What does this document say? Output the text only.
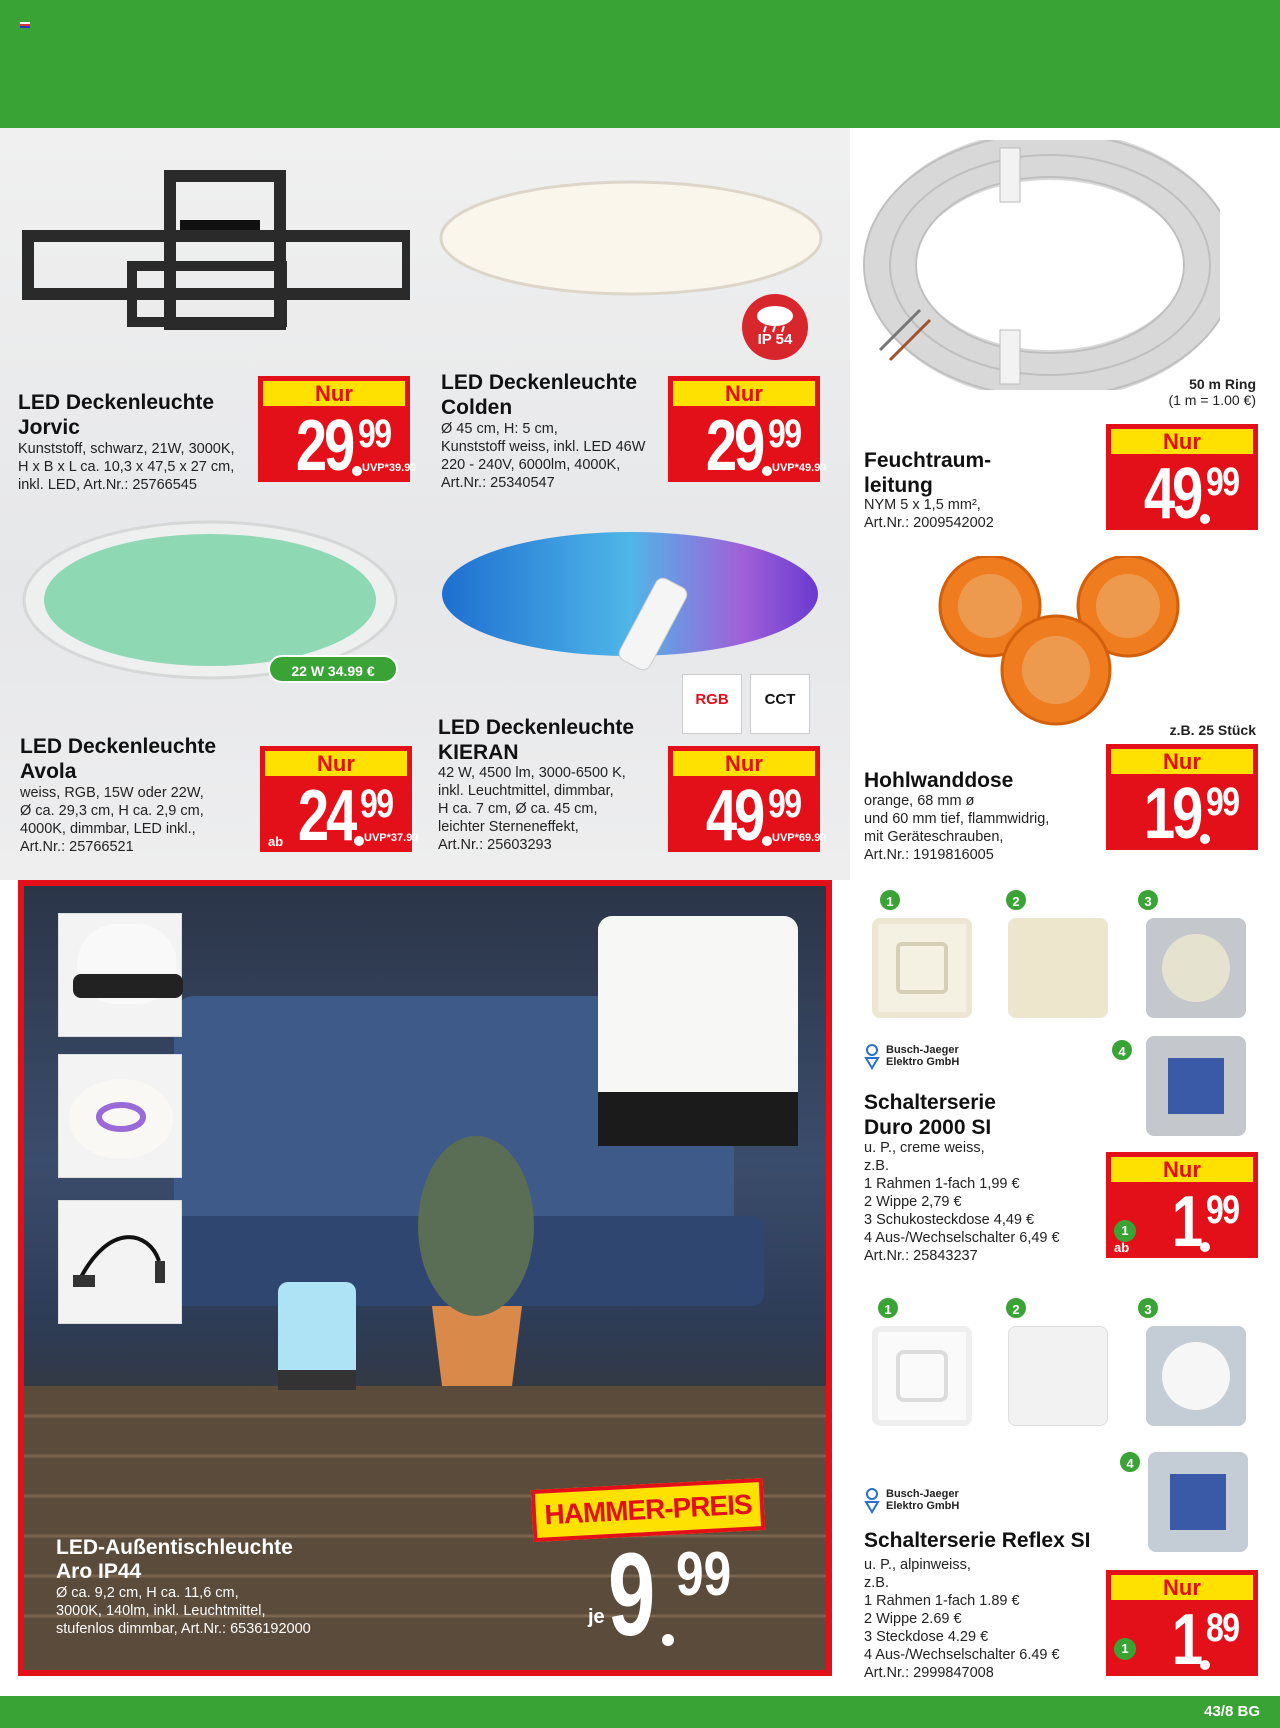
LED Deckenleuchte
Jorvic
Kunststoff, schwarz, 21W, 3000K,
H x B x L ca. 10,3 x 47,5 x 27 cm,
inkl. LED, Art.Nr.: 25766545
Nur
29 99
UVP*39.99
IP 54
LED Deckenleuchte
Colden
Ø 45 cm, H: 5 cm,
Kunststoff weiss, inkl. LED 46W
220 - 240V, 6000lm, 4000K,
Art.Nr.: 25340547
Nur
29 99
UVP*49.99
50 m Ring
(1 m = 1.00 €)
Feuchtraum-
leitung
NYM 5 x 1,5 mm²,
Art.Nr.: 2009542002
Nur
49 99
22 W 34.99 €
LED Deckenleuchte
Avola
weiss, RGB, 15W oder 22W,
Ø ca. 29,3 cm, H ca. 2,9 cm,
4000K, dimmbar, LED inkl.,
Art.Nr.: 25766521
Nur
ab 24 99
UVP*37.99
RGB	CCT
LED Deckenleuchte
KIERAN
42 W, 4500 lm, 3000-6500 K,
inkl. Leuchtmittel, dimmbar,
H ca. 7 cm, Ø ca. 45 cm,
leichter Sterneneffekt,
Art.Nr.: 25603293
Nur
49 99
UVP*69.99
z.B. 25 Stück
Hohlwanddose
orange, 68 mm ø
und 60 mm tief, flammwidrig,
mit Geräteschrauben,
Art.Nr.: 1919816005
Nur
19 99
HAMMER-PREIS
je 9 99
LED-Außentischleuchte
Aro IP44
Ø ca. 9,2 cm, H ca. 11,6 cm,
3000K, 140lm, inkl. Leuchtmittel,
stufenlos dimmbar, Art.Nr.: 6536192000
1	2	3
4
Busch-Jaeger
Elektro GmbH
Schalterserie
Duro 2000 SI
u. P., creme weiss,
z.B.
1 Rahmen 1-fach 1,99 €
2 Wippe 2,79 €
3 Schukosteckdose 4,49 €
4 Aus-/Wechselschalter 6,49 €
Art.Nr.: 25843237
Nur
1
ab 1 99
1	2	3
4
Busch-Jaeger
Elektro GmbH
Schalterserie Reflex SI
u. P., alpinweiss,
z.B.
1 Rahmen 1-fach 1.89 €
2 Wippe 2.69 €
3 Steckdose 4.29 €
4 Aus-/Wechselschalter 6.49 €
Art.Nr.: 2999847008
Nur
1 1 89
43/8 BG
